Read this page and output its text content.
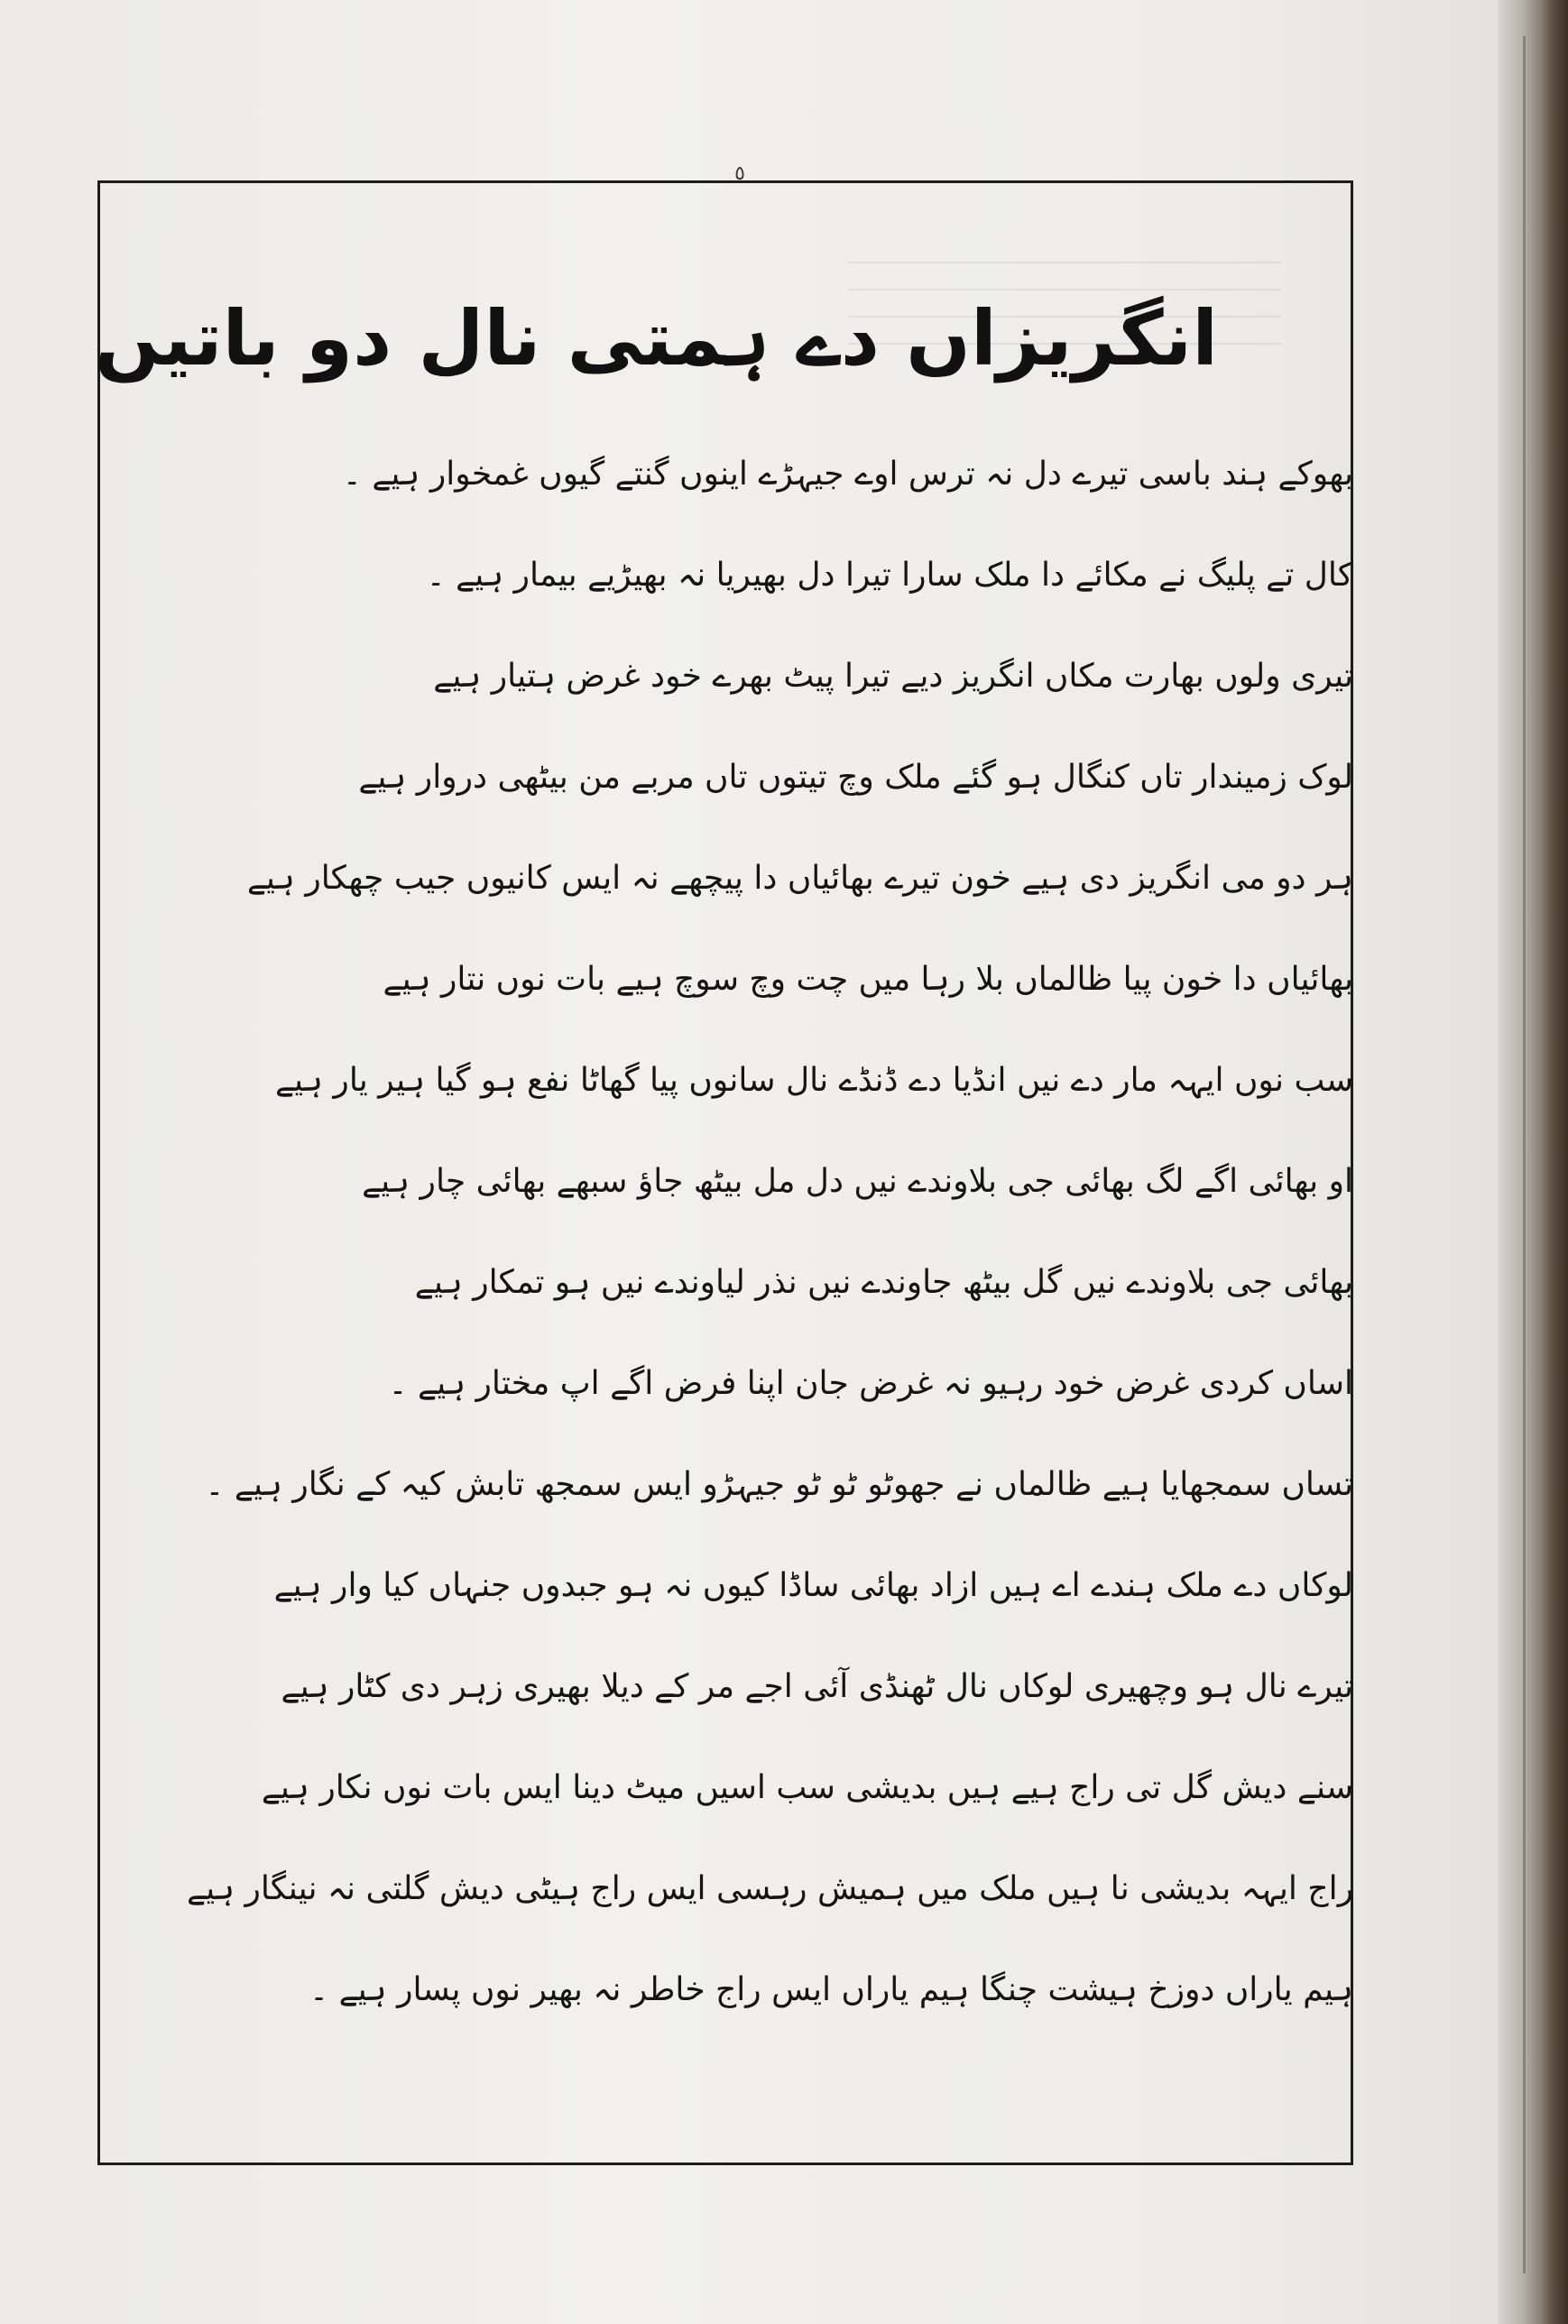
٥
انگریزاں دے ہمتی نال دو باتیں
بھوکے ہند باسی تیرے دل نہ ترس اوے جیہڑے اینوں گنتے گیوں غمخوار ہیے ۔
کال تے پلیگ نے مکائے دا ملک سارا تیرا دل بھیریا نہ بھیڑیے بیمار ہیے ۔
تیری ولوں بھارت مکاں انگریز دیے تیرا پیٹ بھرے خود غرض ہتیار ہیے
لوک زمیندار تاں کنگال ہو گئے ملک وچ تیتوں تاں مربے من بیٹھی دروار ہیے
ہر دو می انگریز دی ہیے خون تیرے بھائیاں دا پیچھے نہ ایس کانیوں جیب چھکار ہیے
بھائیاں دا خون پیا ظالماں بلا رہا میں چت وچ سوچ ہیے بات نوں نتار ہیے
سب نوں ایہہ مار دے نیں انڈیا دے ڈنڈے نال سانوں پیا گھاٹا نفع ہو گیا ہیر یار ہیے
او بھائی اگے لگ بھائی جی بلاوندے نیں دل مل بیٹھ جاؤ سبھے بھائی چار ہیے
بھائی جی بلاوندے نیں گل بیٹھ جاوندے نیں نذر لیاوندے نیں ہو تمکار ہیے
اساں کردی غرض خود رہیو نہ غرض جان اپنا فرض اگے اپ مختار ہیے ۔
تساں سمجھایا ہیے ظالماں نے جھوٹو ٹو ٹو جیہڑو ایس سمجھ تابش کیہ کے نگار ہیے ۔
لوکاں دے ملک ہندے اے ہیں ازاد بھائی ساڈا کیوں نہ ہو جبدوں جنہاں کیا وار ہیے
تیرے نال ہو وچھیری لوکاں نال ٹھنڈی آئی اجے مر کے دیلا بھیری زہر دی کٹار ہیے
سنے دیش گل تی راج ہیے ہیں بدیشی سب اسیں میٹ دینا ایس بات نوں نکار ہیے
راج ایہہ بدیشی نا ہیں ملک میں ہمیش رہسی ایس راج ہیٹی دیش گلتی نہ نینگار ہیے
ہیم یاراں دوزخ ہیشت چنگا ہیم یاراں ایس راج خاطر نہ بھیر نوں پسار ہیے ۔
